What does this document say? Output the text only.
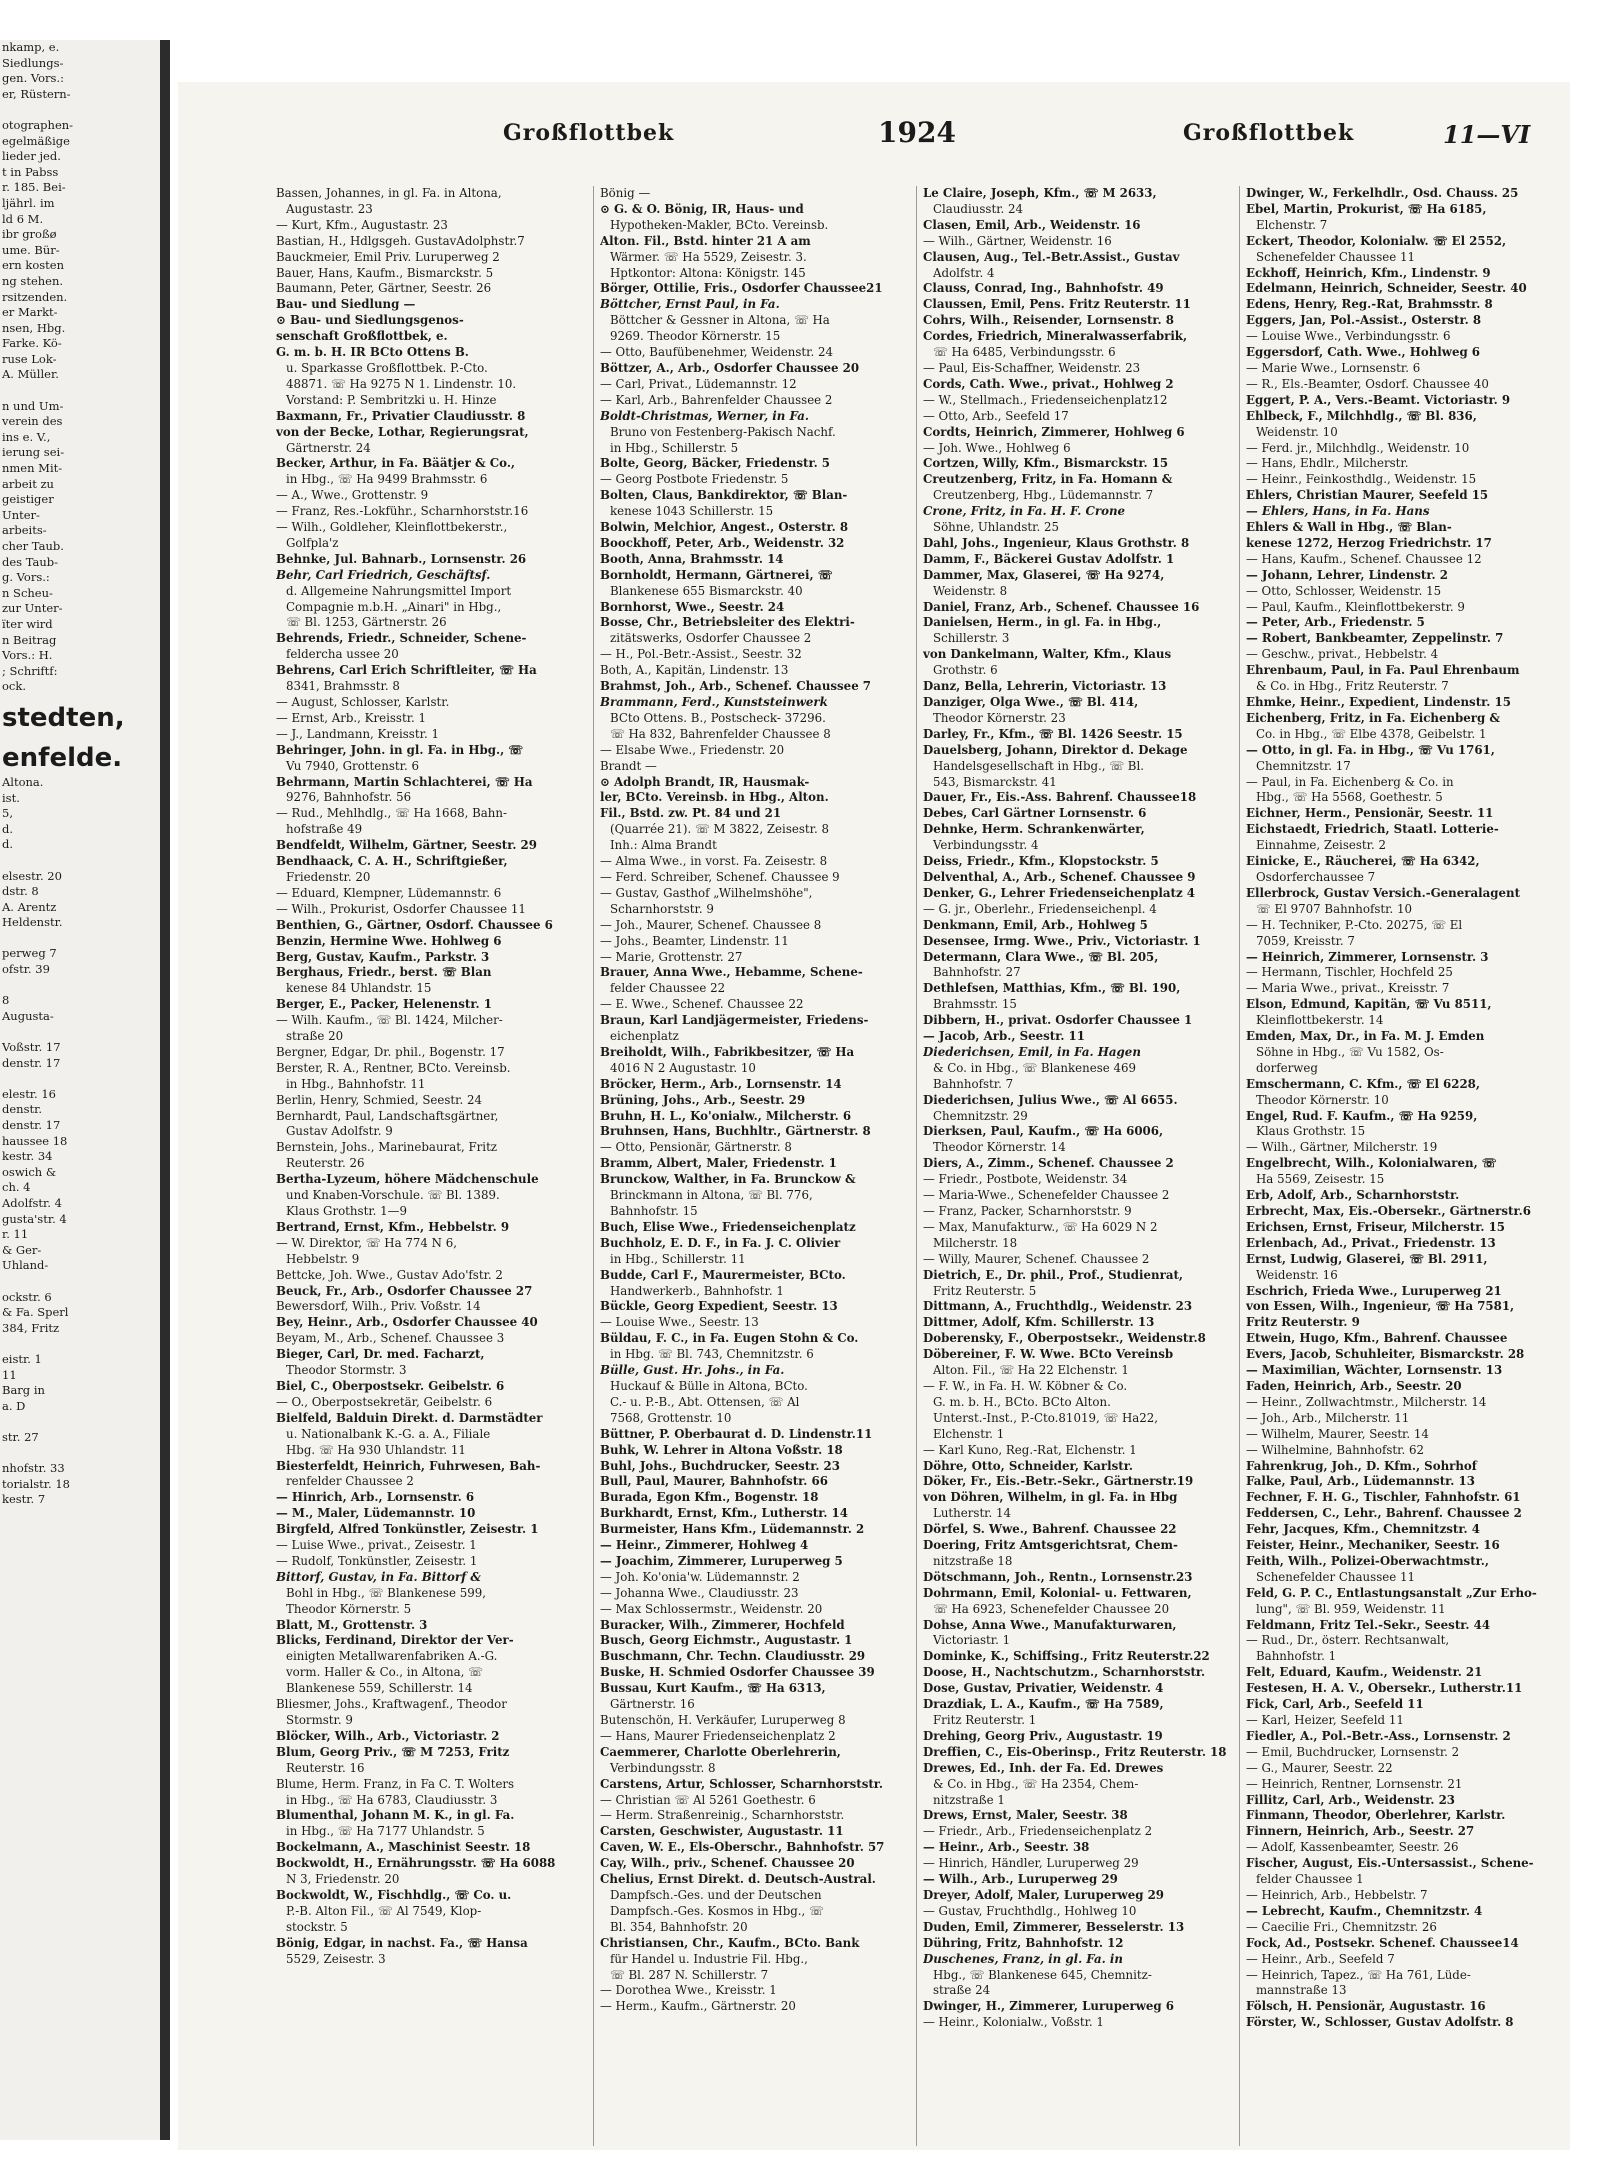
nkamp, e.

Siedlungs-

gen. Vors.:

er, Rüstern-

otographen-

egelmäßige

lieder jed.

t in Pabss

r. 185. Bei-

ljährl. im

ld 6 M.

ibr großø

ume. Bür-

ern kosten

ng stehen.

rsitzenden.

er Markt-

nsen, Hbg.

Farke. Kö-

ruse Lok-

A. Müller.

n und Um-

verein des

ins e. V.,

ierung sei-

nmen Mit-

arbeit zu

geistiger

Unter-

arbeits-

cher Taub.

des Taub-

g. Vors.:

n Scheu-

zur Unter-

ïter wird

n Beitrag

Vors.: H.

; Schriftf:

ock.

stedten,

enfelde.

Altona.

ist.

5,

d.

d.

elsestr. 20

dstr. 8

A. Arentz

Heldenstr.

perweg 7

ofstr. 39

8

Augusta-

Voßstr. 17

denstr. 17

elestr. 16

denstr.

denstr. 17

haussee 18

kestr. 34

oswich &

ch. 4

Adolfstr. 4

gusta'str. 4

r. 11

& Ger-

Uhland-

ockstr. 6

& Fa. Sperl

384, Fritz

eistr. 1

11

Barg in

a. D

str. 27

nhofstr. 33

torialstr. 18

kestr. 7

Großflottbek	1924	Großflottbek	11—VI

Bassen, Johannes, in gl. Fa. in Altona,

Augustastr. 23

— Kurt, Kfm., Augustastr. 23

Bastian, H., Hdlgsgeh. GustavAdolphstr.7

Bauckmeier, Emil Priv. Luruperweg 2

Bauer, Hans, Kaufm., Bismarckstr. 5

Baumann, Peter, Gärtner, Seestr. 26

Bau- und Siedlung —

⊙ Bau- und Siedlungsgenos-

senschaft Großflottbek, e.

G. m. b. H. IR BCto Ottens B.

u. Sparkasse Großflottbek. P.-Cto.

48871. ☏ Ha 9275 N 1. Lindenstr. 10.

Vorstand: P. Sembritzki u. H. Hinze

Baxmann, Fr., Privatier Claudiusstr. 8

von der Becke, Lothar, Regierungsrat,

Gärtnerstr. 24

Becker, Arthur, in Fa. Bäätjer & Co.,

in Hbg., ☏ Ha 9499 Brahmsstr. 6

— A., Wwe., Grottenstr. 9

— Franz, Res.-Lokführ., Scharnhorststr.16

— Wilh., Goldleher, Kleinflottbekerstr.,

Golfpla'z

Behnke, Jul. Bahnarb., Lornsenstr. 26

Behr, Carl Friedrich, Geschäftsf.

d. Allgemeine Nahrungsmittel Import

Compagnie m.b.H. „Ainari" in Hbg.,

☏ Bl. 1253, Gärtnerstr. 26

Behrends, Friedr., Schneider, Schene-

feldercha ussee 20

Behrens, Carl Erich Schriftleiter, ☏ Ha

8341, Brahmsstr. 8

— August, Schlosser, Karlstr.

— Ernst, Arb., Kreisstr. 1

— J., Landmann, Kreisstr. 1

Behringer, John. in gl. Fa. in Hbg., ☏

Vu 7940, Grottenstr. 6

Behrmann, Martin Schlachterei, ☏ Ha

9276, Bahnhofstr. 56

— Rud., Mehlhdlg., ☏ Ha 1668, Bahn-

hofstraße 49

Bendfeldt, Wilhelm, Gärtner, Seestr. 29

Bendhaack, C. A. H., Schriftgießer,

Friedenstr. 20

— Eduard, Klempner, Lüdemannstr. 6

— Wilh., Prokurist, Osdorfer Chaussee 11

Benthien, G., Gärtner, Osdorf. Chaussee 6

Benzin, Hermine Wwe. Hohlweg 6

Berg, Gustav, Kaufm., Parkstr. 3

Berghaus, Friedr., berst. ☏ Blan

kenese 84 Uhlandstr. 15

Berger, E., Packer, Helenenstr. 1

— Wilh. Kaufm., ☏ Bl. 1424, Milcher-

straße 20

Bergner, Edgar, Dr. phil., Bogenstr. 17

Berster, R. A., Rentner, BCto. Vereinsb.

in Hbg., Bahnhofstr. 11

Berlin, Henry, Schmied, Seestr. 24

Bernhardt, Paul, Landschaftsgärtner,

Gustav Adolfstr. 9

Bernstein, Johs., Marinebaurat, Fritz

Reuterstr. 26

Bertha-Lyzeum, höhere Mädchenschule

und Knaben-Vorschule. ☏ Bl. 1389.

Klaus Grothstr. 1—9

Bertrand, Ernst, Kfm., Hebbelstr. 9

— W. Direktor, ☏ Ha 774 N 6,

Hebbelstr. 9

Bettcke, Joh. Wwe., Gustav Ado'fstr. 2

Beuck, Fr., Arb., Osdorfer Chaussee 27

Bewersdorf, Wilh., Priv. Voßstr. 14

Bey, Heinr., Arb., Osdorfer Chaussee 40

Beyam, M., Arb., Schenef. Chaussee 3

Bieger, Carl, Dr. med. Facharzt,

Theodor Stormstr. 3

Biel, C., Oberpostsekr. Geibelstr. 6

— O., Oberpostsekretär, Geibelstr. 6

Bielfeld, Balduin Direkt. d. Darmstädter

u. Nationalbank K.-G. a. A., Filiale

Hbg. ☏ Ha 930 Uhlandstr. 11

Biesterfeldt, Heinrich, Fuhrwesen, Bah-

renfelder Chaussee 2

— Hinrich, Arb., Lornsenstr. 6

— M., Maler, Lüdemannstr. 10

Birgfeld, Alfred Tonkünstler, Zeisestr. 1

— Luise Wwe., privat., Zeisestr. 1

— Rudolf, Tonkünstler, Zeisestr. 1

Bittorf, Gustav, in Fa. Bittorf &

Bohl in Hbg., ☏ Blankenese 599,

Theodor Körnerstr. 5

Blatt, M., Grottenstr. 3

Blicks, Ferdinand, Direktor der Ver-

einigten Metallwarenfabriken A.-G.

vorm. Haller & Co., in Altona, ☏

Blankenese 559, Schillerstr. 14

Bliesmer, Johs., Kraftwagenf., Theodor

Stormstr. 9

Blöcker, Wilh., Arb., Victoriastr. 2

Blum, Georg Priv., ☏ M 7253, Fritz

Reuterstr. 16

Blume, Herm. Franz, in Fa C. T. Wolters

in Hbg., ☏ Ha 6783, Claudiusstr. 3

Blumenthal, Johann M. K., in gl. Fa.

in Hbg., ☏ Ha 7177 Uhlandstr. 5

Bockelmann, A., Maschinist Seestr. 18

Bockwoldt, H., Ernährungsstr. ☏ Ha 6088

N 3, Friedenstr. 20

Bockwoldt, W., Fischhdlg., ☏ Co. u.

P.-B. Alton Fil., ☏ Al 7549, Klop-

stockstr. 5

Bönig, Edgar, in nachst. Fa., ☏ Hansa

5529, Zeisestr. 3

Bönig —

⊙ G. & O. Bönig, IR, Haus- und

Hypotheken-Makler, BCto. Vereinsb.

Alton. Fil., Bstd. hinter 21 A am

Wärmer. ☏ Ha 5529, Zeisestr. 3.

Hptkontor: Altona: Königstr. 145

Börger, Ottilie, Fris., Osdorfer Chaussee21

Böttcher, Ernst Paul, in Fa.

Böttcher & Gessner in Altona, ☏ Ha

9269. Theodor Körnerstr. 15

— Otto, Baufübenehmer, Weidenstr. 24

Böttzer, A., Arb., Osdorfer Chaussee 20

— Carl, Privat., Lüdemannstr. 12

— Karl, Arb., Bahrenfelder Chaussee 2

Boldt-Christmas, Werner, in Fa.

Bruno von Festenberg-Pakisch Nachf.

in Hbg., Schillerstr. 5

Bolte, Georg, Bäcker, Friedenstr. 5

— Georg Postbote Friedenstr. 5

Bolten, Claus, Bankdirektor, ☏ Blan-

kenese 1043 Schillerstr. 15

Bolwin, Melchior, Angest., Osterstr. 8

Boockhoff, Peter, Arb., Weidenstr. 32

Booth, Anna, Brahmsstr. 14

Bornholdt, Hermann, Gärtnerei, ☏

Blankenese 655 Bismarckstr. 40

Bornhorst, Wwe., Seestr. 24

Bosse, Chr., Betriebsleiter des Elektri-

zitätswerks, Osdorfer Chaussee 2

— H., Pol.-Betr.-Assist., Seestr. 32

Both, A., Kapitän, Lindenstr. 13

Brahmst, Joh., Arb., Schenef. Chaussee 7

Brammann, Ferd., Kunststeinwerk

BCto Ottens. B., Postscheck- 37296.

☏ Ha 832, Bahrenfelder Chaussee 8

— Elsabe Wwe., Friedenstr. 20

Brandt —

⊙ Adolph Brandt, IR, Hausmak-

ler, BCto. Vereinsb. in Hbg., Alton.

Fil., Bstd. zw. Pt. 84 und 21

(Quarrée 21). ☏ M 3822, Zeisestr. 8

Inh.: Alma Brandt

— Alma Wwe., in vorst. Fa. Zeisestr. 8

— Ferd. Schreiber, Schenef. Chaussee 9

— Gustav, Gasthof „Wilhelmshöhe",

Scharnhorststr. 9

— Joh., Maurer, Schenef. Chaussee 8

— Johs., Beamter, Lindenstr. 11

— Marie, Grottenstr. 27

Brauer, Anna Wwe., Hebamme, Schene-

felder Chaussee 22

— E. Wwe., Schenef. Chaussee 22

Braun, Karl Landjägermeister, Friedens-

eichenplatz

Breiholdt, Wilh., Fabrikbesitzer, ☏ Ha

4016 N 2 Augustastr. 10

Bröcker, Herm., Arb., Lornsenstr. 14

Brüning, Johs., Arb., Seestr. 29

Bruhn, H. L., Ko'onialw., Milcherstr. 6

Bruhnsen, Hans, Buchhltr., Gärtnerstr. 8

— Otto, Pensionär, Gärtnerstr. 8

Bramm, Albert, Maler, Friedenstr. 1

Brunckow, Walther, in Fa. Brunckow &

Brinckmann in Altona, ☏ Bl. 776,

Bahnhofstr. 15

Buch, Elise Wwe., Friedenseichenplatz

Buchholz, E. D. F., in Fa. J. C. Olivier

in Hbg., Schillerstr. 11

Budde, Carl F., Maurermeister, BCto.

Handwerkerb., Bahnhofstr. 1

Bückle, Georg Expedient, Seestr. 13

— Louise Wwe., Seestr. 13

Büldau, F. C., in Fa. Eugen Stohn & Co.

in Hbg. ☏ Bl. 743, Chemnitzstr. 6

Bülle, Gust. Hr. Johs., in Fa.

Huckauf & Bülle in Altona, BCto.

C.- u. P.-B., Abt. Ottensen, ☏ Al

7568, Grottenstr. 10

Büttner, P. Oberbaurat d. D. Lindenstr.11

Buhk, W. Lehrer in Altona Voßstr. 18

Buhl, Johs., Buchdrucker, Seestr. 23

Bull, Paul, Maurer, Bahnhofstr. 66

Burada, Egon Kfm., Bogenstr. 18

Burkhardt, Ernst, Kfm., Lutherstr. 14

Burmeister, Hans Kfm., Lüdemannstr. 2

— Heinr., Zimmerer, Hohlweg 4

— Joachim, Zimmerer, Luruperweg 5

— Joh. Ko'onia'w. Lüdemannstr. 2

— Johanna Wwe., Claudiusstr. 23

— Max Schlossermstr., Weidenstr. 20

Buracker, Wilh., Zimmerer, Hochfeld

Busch, Georg Eichmstr., Augustastr. 1

Buschmann, Chr. Techn. Claudiusstr. 29

Buske, H. Schmied Osdorfer Chaussee 39

Bussau, Kurt Kaufm., ☏ Ha 6313,

Gärtnerstr. 16

Butenschön, H. Verkäufer, Luruperweg 8

— Hans, Maurer Friedenseichenplatz 2

Caemmerer, Charlotte Oberlehrerin,

Verbindungsstr. 8

Carstens, Artur, Schlosser, Scharnhorststr.

— Christian ☏ Al 5261 Goethestr. 6

— Herm. Straßenreinig., Scharnhorststr.

Carsten, Geschwister, Augustastr. 11

Caven, W. E., Els-Oberschr., Bahnhofstr. 57

Cay, Wilh., priv., Schenef. Chaussee 20

Chelius, Ernst Direkt. d. Deutsch-Austral.

Dampfsch.-Ges. und der Deutschen

Dampfsch.-Ges. Kosmos in Hbg., ☏

Bl. 354, Bahnhofstr. 20

Christiansen, Chr., Kaufm., BCto. Bank

für Handel u. Industrie Fil. Hbg.,

☏ Bl. 287 N. Schillerstr. 7

— Dorothea Wwe., Kreisstr. 1

— Herm., Kaufm., Gärtnerstr. 20

Le Claire, Joseph, Kfm., ☏ M 2633,

Claudiusstr. 24

Clasen, Emil, Arb., Weidenstr. 16

— Wilh., Gärtner, Weidenstr. 16

Clausen, Aug., Tel.-Betr.Assist., Gustav

Adolfstr. 4

Clauss, Conrad, Ing., Bahnhofstr. 49

Claussen, Emil, Pens. Fritz Reuterstr. 11

Cohrs, Wilh., Reisender, Lornsenstr. 8

Cordes, Friedrich, Mineralwasserfabrik,

☏ Ha 6485, Verbindungsstr. 6

— Paul, Eis-Schaffner, Weidenstr. 23

Cords, Cath. Wwe., privat., Hohlweg 2

— W., Stellmach., Friedenseichenplatz12

— Otto, Arb., Seefeld 17

Cordts, Heinrich, Zimmerer, Hohlweg 6

— Joh. Wwe., Hohlweg 6

Cortzen, Willy, Kfm., Bismarckstr. 15

Creutzenberg, Fritz, in Fa. Homann &

Creutzenberg, Hbg., Lüdemannstr. 7

Crone, Fritz, in Fa. H. F. Crone

Söhne, Uhlandstr. 25

Dahl, Johs., Ingenieur, Klaus Grothstr. 8

Damm, F., Bäckerei Gustav Adolfstr. 1

Dammer, Max, Glaserei, ☏ Ha 9274,

Weidenstr. 8

Daniel, Franz, Arb., Schenef. Chaussee 16

Danielsen, Herm., in gl. Fa. in Hbg.,

Schillerstr. 3

von Dankelmann, Walter, Kfm., Klaus

Grothstr. 6

Danz, Bella, Lehrerin, Victoriastr. 13

Danziger, Olga Wwe., ☏ Bl. 414,

Theodor Körnerstr. 23

Darley, Fr., Kfm., ☏ Bl. 1426 Seestr. 15

Dauelsberg, Johann, Direktor d. Dekage

Handelsgesellschaft in Hbg., ☏ Bl.

543, Bismarckstr. 41

Dauer, Fr., Eis.-Ass. Bahrenf. Chaussee18

Debes, Carl Gärtner Lornsenstr. 6

Dehnke, Herm. Schrankenwärter,

Verbindungsstr. 4

Deiss, Friedr., Kfm., Klopstockstr. 5

Delventhal, A., Arb., Schenef. Chaussee 9

Denker, G., Lehrer Friedenseichenplatz 4

— G. jr., Oberlehr., Friedenseichenpl. 4

Denkmann, Emil, Arb., Hohlweg 5

Desensee, Irmg. Wwe., Priv., Victoriastr. 1

Determann, Clara Wwe., ☏ Bl. 205,

Bahnhofstr. 27

Dethlefsen, Matthias, Kfm., ☏ Bl. 190,

Brahmsstr. 15

Dibbern, H., privat. Osdorfer Chaussee 1

— Jacob, Arb., Seestr. 11

Diederichsen, Emil, in Fa. Hagen

& Co. in Hbg., ☏ Blankenese 469

Bahnhofstr. 7

Diederichsen, Julius Wwe., ☏ Al 6655.

Chemnitzstr. 29

Dierksen, Paul, Kaufm., ☏ Ha 6006,

Theodor Körnerstr. 14

Diers, A., Zimm., Schenef. Chaussee 2

— Friedr., Postbote, Weidenstr. 34

— Maria-Wwe., Schenefelder Chaussee 2

— Franz, Packer, Scharnhorststr. 9

— Max, Manufakturw., ☏ Ha 6029 N 2

Milcherstr. 18

— Willy, Maurer, Schenef. Chaussee 2

Dietrich, E., Dr. phil., Prof., Studienrat,

Fritz Reuterstr. 5

Dittmann, A., Fruchthdlg., Weidenstr. 23

Dittmer, Adolf, Kfm. Schillerstr. 13

Doberensky, F., Oberpostsekr., Weidenstr.8

Döbereiner, F. W. Wwe. BCto Vereinsb

Alton. Fil., ☏ Ha 22 Elchenstr. 1

— F. W., in Fa. H. W. Köbner & Co.

G. m. b. H., BCto. BCto Alton.

Unterst.-Inst., P.-Cto.81019, ☏ Ha22,

Elchenstr. 1

— Karl Kuno, Reg.-Rat, Elchenstr. 1

Döhre, Otto, Schneider, Karlstr.

Döker, Fr., Eis.-Betr.-Sekr., Gärtnerstr.19

von Döhren, Wilhelm, in gl. Fa. in Hbg

Lutherstr. 14

Dörfel, S. Wwe., Bahrenf. Chaussee 22

Doering, Fritz Amtsgerichtsrat, Chem-

nitzstraße 18

Dötschmann, Joh., Rentn., Lornsenstr.23

Dohrmann, Emil, Kolonial- u. Fettwaren,

☏ Ha 6923, Schenefelder Chaussee 20

Dohse, Anna Wwe., Manufakturwaren,

Victoriastr. 1

Dominke, K., Schiffsing., Fritz Reuterstr.22

Doose, H., Nachtschutzm., Scharnhorststr.

Dose, Gustav, Privatier, Weidenstr. 4

Drazdiak, L. A., Kaufm., ☏ Ha 7589,

Fritz Reuterstr. 1

Drehing, Georg Priv., Augustastr. 19

Dreffien, C., Eis-Oberinsp., Fritz Reuterstr. 18

Drewes, Ed., Inh. der Fa. Ed. Drewes

& Co. in Hbg., ☏ Ha 2354, Chem-

nitzstraße 1

Drews, Ernst, Maler, Seestr. 38

— Friedr., Arb., Friedenseichenplatz 2

— Heinr., Arb., Seestr. 38

— Hinrich, Händler, Luruperweg 29

— Wilh., Arb., Luruperweg 29

Dreyer, Adolf, Maler, Luruperweg 29

— Gustav, Fruchthdlg., Hohlweg 10

Duden, Emil, Zimmerer, Besselerstr. 13

Dühring, Fritz, Bahnhofstr. 12

Duschenes, Franz, in gl. Fa. in

Hbg., ☏ Blankenese 645, Chemnitz-

straße 24

Dwinger, H., Zimmerer, Luruperweg 6

— Heinr., Kolonialw., Voßstr. 1

Dwinger, W., Ferkelhdlr., Osd. Chauss. 25

Ebel, Martin, Prokurist, ☏ Ha 6185,

Elchenstr. 7

Eckert, Theodor, Kolonialw. ☏ El 2552,

Schenefelder Chaussee 11

Eckhoff, Heinrich, Kfm., Lindenstr. 9

Edelmann, Heinrich, Schneider, Seestr. 40

Edens, Henry, Reg.-Rat, Brahmsstr. 8

Eggers, Jan, Pol.-Assist., Osterstr. 8

— Louise Wwe., Verbindungsstr. 6

Eggersdorf, Cath. Wwe., Hohlweg 6

— Marie Wwe., Lornsenstr. 6

— R., Els.-Beamter, Osdorf. Chaussee 40

Eggert, P. A., Vers.-Beamt. Victoriastr. 9

Ehlbeck, F., Milchhdlg., ☏ Bl. 836,

Weidenstr. 10

— Ferd. jr., Milchhdlg., Weidenstr. 10

— Hans, Ehdlr., Milcherstr.

— Heinr., Feinkosthdlg., Weidenstr. 15

Ehlers, Christian Maurer, Seefeld 15

— Ehlers, Hans, in Fa. Hans

Ehlers & Wall in Hbg., ☏ Blan-

kenese 1272, Herzog Friedrichstr. 17

— Hans, Kaufm., Schenef. Chaussee 12

— Johann, Lehrer, Lindenstr. 2

— Otto, Schlosser, Weidenstr. 15

— Paul, Kaufm., Kleinflottbekerstr. 9

— Peter, Arb., Friedenstr. 5

— Robert, Bankbeamter, Zeppelinstr. 7

— Geschw., privat., Hebbelstr. 4

Ehrenbaum, Paul, in Fa. Paul Ehrenbaum

& Co. in Hbg., Fritz Reuterstr. 7

Ehmke, Heinr., Expedient, Lindenstr. 15

Eichenberg, Fritz, in Fa. Eichenberg &

Co. in Hbg., ☏ Elbe 4378, Geibelstr. 1

— Otto, in gl. Fa. in Hbg., ☏ Vu 1761,

Chemnitzstr. 17

— Paul, in Fa. Eichenberg & Co. in

Hbg., ☏ Ha 5568, Goethestr. 5

Eichner, Herm., Pensionär, Seestr. 11

Eichstaedt, Friedrich, Staatl. Lotterie-

Einnahme, Zeisestr. 2

Einicke, E., Räucherei, ☏ Ha 6342,

Osdorferchaussee 7

Ellerbrock, Gustav Versich.-Generalagent

☏ El 9707 Bahnhofstr. 10

— H. Techniker, P.-Cto. 20275, ☏ El

7059, Kreisstr. 7

— Heinrich, Zimmerer, Lornsenstr. 3

— Hermann, Tischler, Hochfeld 25

— Maria Wwe., privat., Kreisstr. 7

Elson, Edmund, Kapitän, ☏ Vu 8511,

Kleinflottbekerstr. 14

Emden, Max, Dr., in Fa. M. J. Emden

Söhne in Hbg., ☏ Vu 1582, Os-

dorferweg

Emschermann, C. Kfm., ☏ El 6228,

Theodor Körnerstr. 10

Engel, Rud. F. Kaufm., ☏ Ha 9259,

Klaus Grothstr. 15

— Wilh., Gärtner, Milcherstr. 19

Engelbrecht, Wilh., Kolonialwaren, ☏

Ha 5569, Zeisestr. 15

Erb, Adolf, Arb., Scharnhorststr.

Erbrecht, Max, Eis.-Obersekr., Gärtnerstr.6

Erichsen, Ernst, Friseur, Milcherstr. 15

Erlenbach, Ad., Privat., Friedenstr. 13

Ernst, Ludwig, Glaserei, ☏ Bl. 2911,

Weidenstr. 16

Eschrich, Frieda Wwe., Luruperweg 21

von Essen, Wilh., Ingenieur, ☏ Ha 7581,

Fritz Reuterstr. 9

Etwein, Hugo, Kfm., Bahrenf. Chaussee

Evers, Jacob, Schuhleiter, Bismarckstr. 28

— Maximilian, Wächter, Lornsenstr. 13

Faden, Heinrich, Arb., Seestr. 20

— Heinr., Zollwachtmstr., Milcherstr. 14

— Joh., Arb., Milcherstr. 11

— Wilhelm, Maurer, Seestr. 14

— Wilhelmine, Bahnhofstr. 62

Fahrenkrug, Joh., D. Kfm., Sohrhof

Falke, Paul, Arb., Lüdemannstr. 13

Fechner, F. H. G., Tischler, Fahnhofstr. 61

Feddersen, C., Lehr., Bahrenf. Chaussee 2

Fehr, Jacques, Kfm., Chemnitzstr. 4

Feister, Heinr., Mechaniker, Seestr. 16

Feith, Wilh., Polizei-Oberwachtmstr.,

Schenefelder Chaussee 11

Feld, G. P. C., Entlastungsanstalt „Zur Erho-

lung", ☏ Bl. 959, Weidenstr. 11

Feldmann, Fritz Tel.-Sekr., Seestr. 44

— Rud., Dr., österr. Rechtsanwalt,

Bahnhofstr. 1

Felt, Eduard, Kaufm., Weidenstr. 21

Festesen, H. A. V., Obersekr., Lutherstr.11

Fick, Carl, Arb., Seefeld 11

— Karl, Heizer, Seefeld 11

Fiedler, A., Pol.-Betr.-Ass., Lornsenstr. 2

— Emil, Buchdrucker, Lornsenstr. 2

— G., Maurer, Seestr. 22

— Heinrich, Rentner, Lornsenstr. 21

Fillitz, Carl, Arb., Weidenstr. 23

Finmann, Theodor, Oberlehrer, Karlstr.

Finnern, Heinrich, Arb., Seestr. 27

— Adolf, Kassenbeamter, Seestr. 26

Fischer, August, Eis.-Untersassist., Schene-

felder Chaussee 1

— Heinrich, Arb., Hebbelstr. 7

— Lebrecht, Kaufm., Chemnitzstr. 4

— Caecilie Fri., Chemnitzstr. 26

Fock, Ad., Postsekr. Schenef. Chaussee14

— Heinr., Arb., Seefeld 7

— Heinrich, Tapez., ☏ Ha 761, Lüde-

mannstraße 13

Fölsch, H. Pensionär, Augustastr. 16

Förster, W., Schlosser, Gustav Adolfstr. 8
